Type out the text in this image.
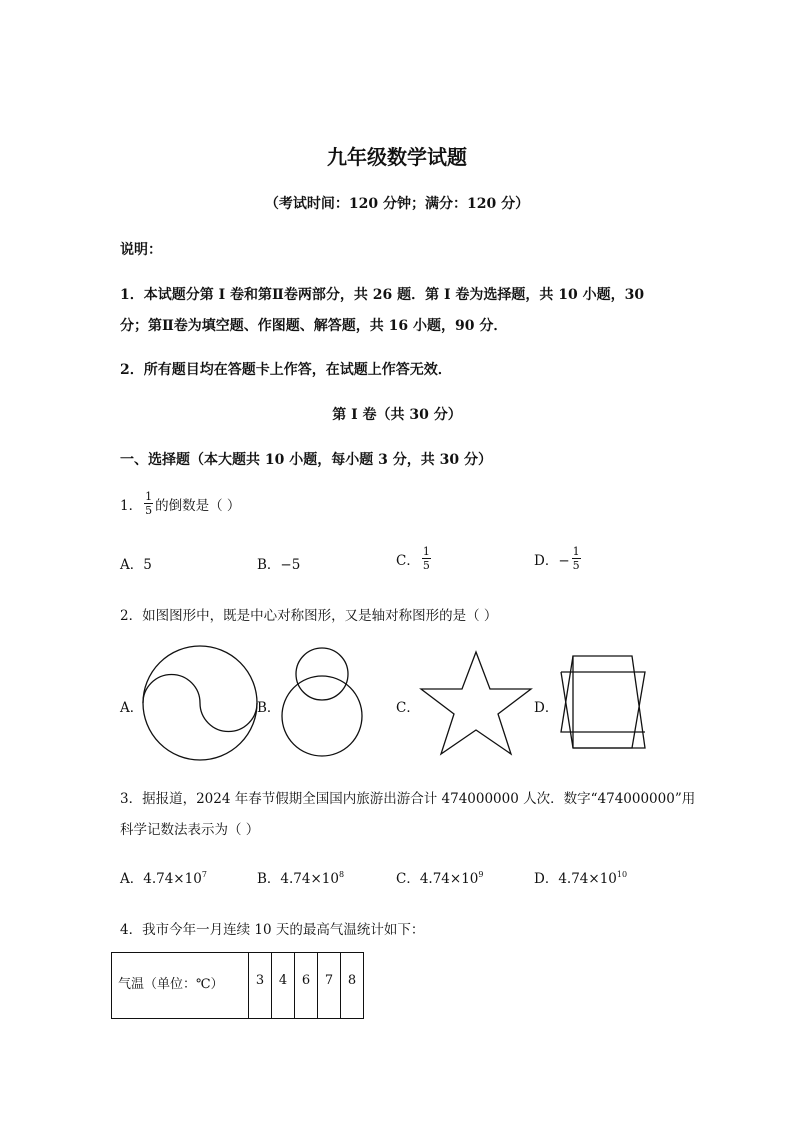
九年级数学试题
（考试时间：120 分钟；满分：120 分）
说明：
1．本试题分第 I 卷和第Ⅱ卷两部分，共 26 题．第 I 卷为选择题，共 10 小题，30
分；第Ⅱ卷为填空题、作图题、解答题，共 16 小题，90 分．
2．所有题目均在答题卡上作答，在试题上作答无效．
第 I 卷（共 30 分）
一、选择题（本大题共 10 小题，每小题 3 分，共 30 分）
1． $\frac{1}{5}$ 的倒数是（ ）
A．5	B．−5	C． $\frac{1}{5}$	D．− $\frac{1}{5}$
2．如图图形中，既是中心对称图形，又是轴对称图形的是（ ）
A．	B．	C．	D．
3．据报道，2024 年春节假期全国国内旅游出游合计 474000000 人次．数字“474000000”用
科学记数法表示为（ ）
A．$4.74\times 10^7$	B．$4.74\times 10^8$	C．$4.74\times 10^9$	D．$4.74\times 10^{10}$
4．我市今年一月连续 10 天的最高气温统计如下：
气温（单位：℃）	3	4	6	7	8
